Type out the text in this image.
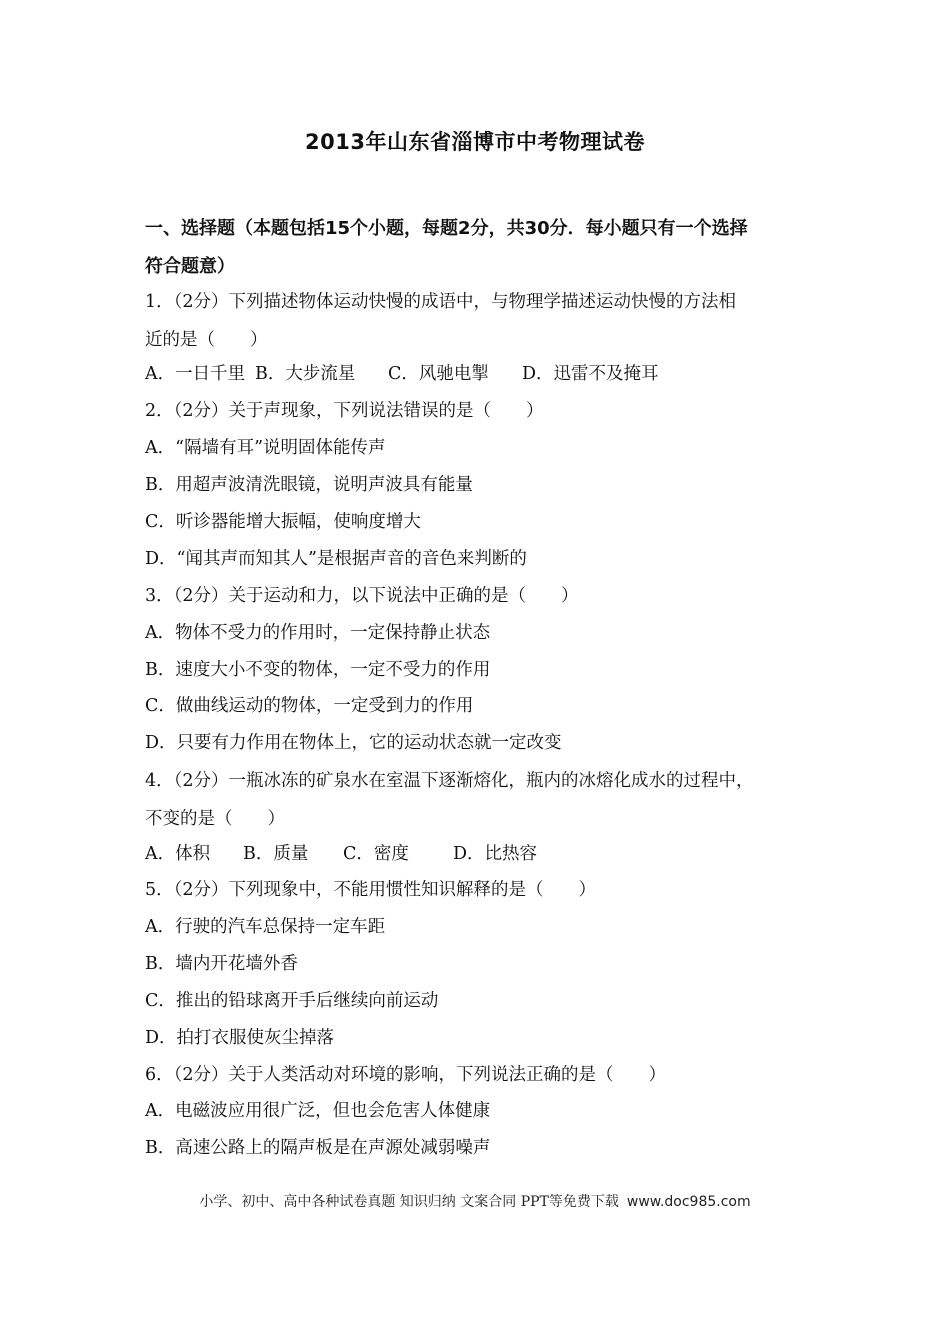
2013年山东省淄博市中考物理试卷
一、选择题（本题包括15个小题，每题2分，共30分．每小题只有一个选择
符合题意）
1．（2分）下列描述物体运动快慢的成语中，与物理学描述运动快慢的方法相
近的是（　　）
A．一日千里 B．大步流星 C．风驰电掣 D．迅雷不及掩耳
2．（2分）关于声现象，下列说法错误的是（　　）
A．“隔墙有耳”说明固体能传声
B．用超声波清洗眼镜，说明声波具有能量
C．听诊器能增大振幅，使响度增大
D．“闻其声而知其人”是根据声音的音色来判断的
3．（2分）关于运动和力，以下说法中正确的是（　　）
A．物体不受力的作用时，一定保持静止状态
B．速度大小不变的物体，一定不受力的作用
C．做曲线运动的物体，一定受到力的作用
D．只要有力作用在物体上，它的运动状态就一定改变
4．（2分）一瓶冰冻的矿泉水在室温下逐渐熔化，瓶内的冰熔化成水的过程中，
不变的是（　　）
A．体积 B．质量 C．密度	D．比热容
5．（2分）下列现象中，不能用惯性知识解释的是（　　）
A．行驶的汽车总保持一定车距
B．墙内开花墙外香
C．推出的铅球离开手后继续向前运动
D．拍打衣服使灰尘掉落
6．（2分）关于人类活动对环境的影响，下列说法正确的是（　　）
A．电磁波应用很广泛，但也会危害人体健康
B．高速公路上的隔声板是在声源处减弱噪声
小学、初中、高中各种试卷真题 知识归纳 文案合同 PPT等免费下载 www.doc985.com
